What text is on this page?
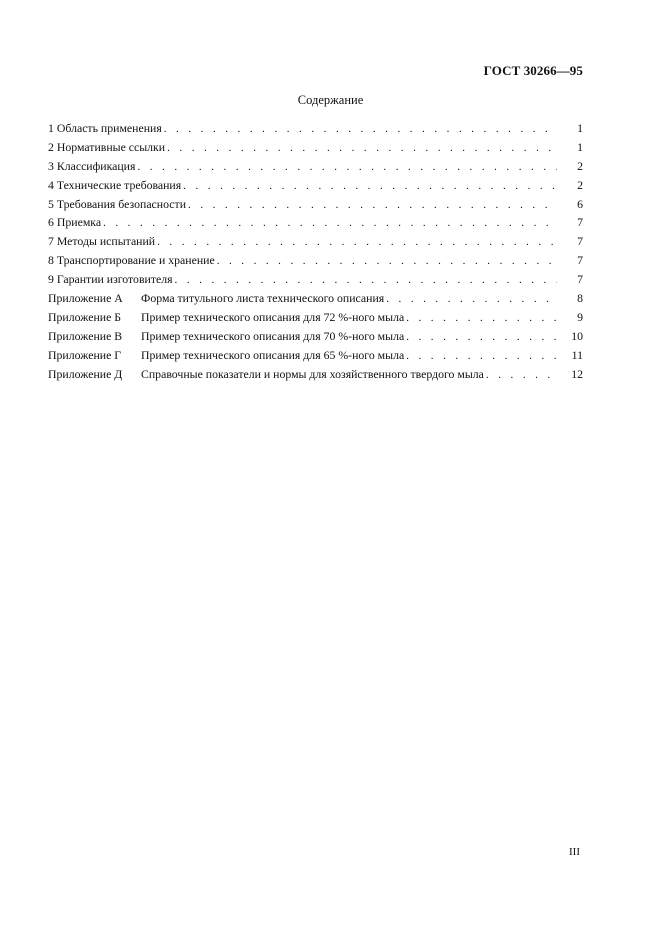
ГОСТ 30266—95
Содержание
1 Область применения . . .	1
2 Нормативные ссылки . . .	1
3 Классификация . . .	2
4 Технические требования . . .	2
5 Требования безопасности . . .	6
6 Приемка . . .	7
7 Методы испытаний . . .	7
8 Транспортирование и хранение . . .	7
9 Гарантии изготовителя . . .	7
Приложение А Форма титульного листа технического описания . . .	8
Приложение Б Пример технического описания для 72 %-ного мыла . . .	9
Приложение В Пример технического описания для 70 %-ного мыла . . .	10
Приложение Г Пример технического описания для 65 %-ного мыла . . .	11
Приложение Д Справочные показатели и нормы для хозяйственного твердого мыла . . .	12
III
